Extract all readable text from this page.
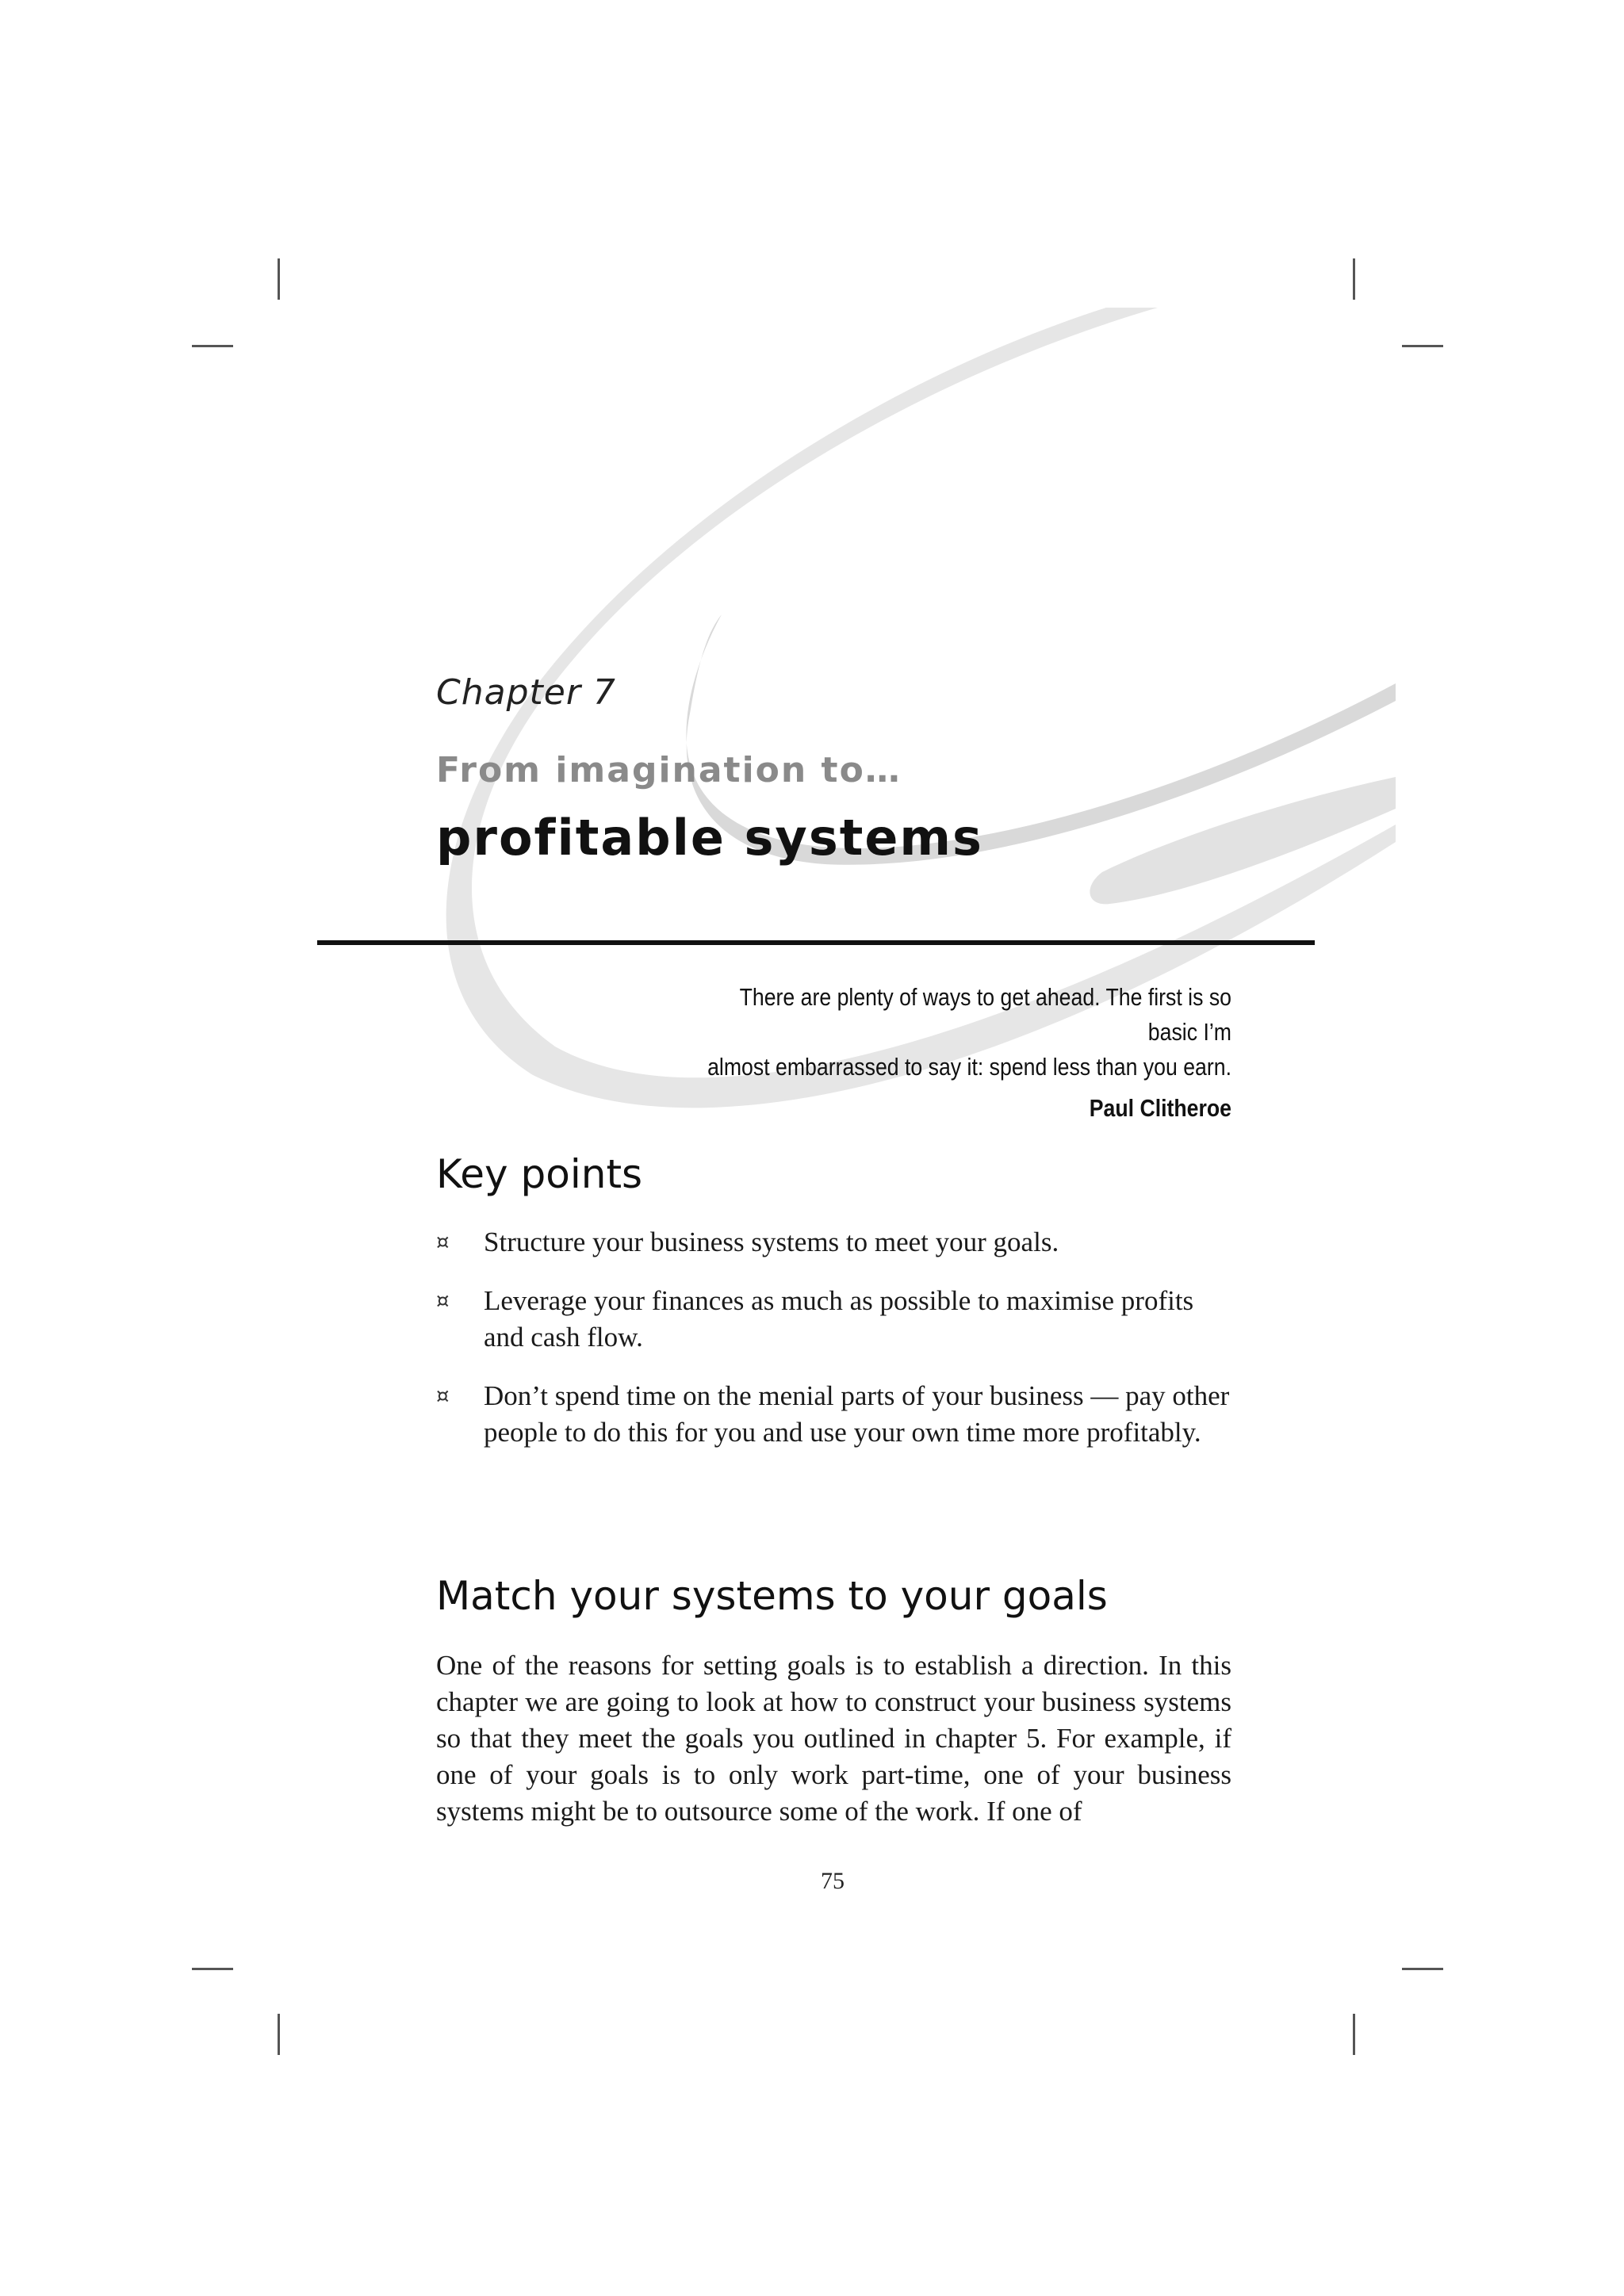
Chapter 7
From imagination to…
profitable systems
There are plenty of ways to get ahead. The first is so basic I’m
almost embarrassed to say it: spend less than you earn.
Paul Clitheroe
Key points
¤ Structure your business systems to meet your goals.
¤ Leverage your finances as much as possible to maximise profits and cash flow.
¤ Don’t spend time on the menial parts of your business — pay other people to do this for you and use your own time more profitably.
Match your systems to your goals

One of the reasons for setting goals is to establish a direction. In this chapter we are going to look at how to construct your business systems so that they meet the goals you outlined in chapter 5. For example, if one of your goals is to only work part-time, one of your business systems might be to outsource some of the work. If one of

75
